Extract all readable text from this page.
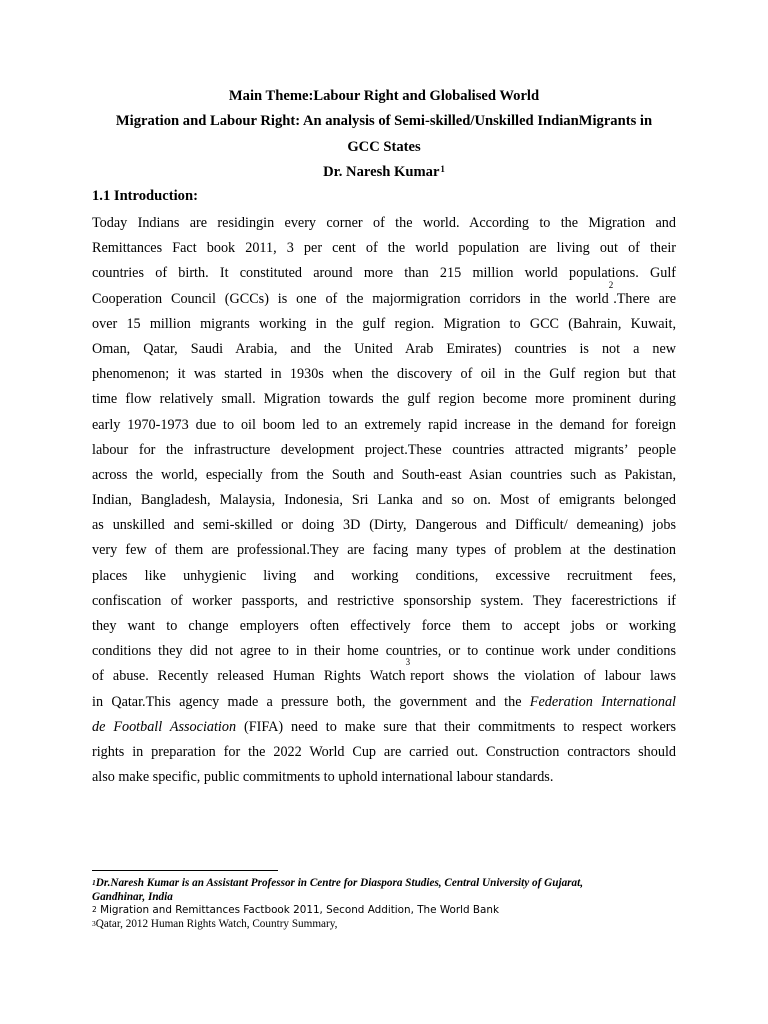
Main Theme:Labour Right and Globalised World
Migration and Labour Right: An analysis of Semi-skilled/Unskilled IndianMigrants in
GCC States
Dr. Naresh Kumar$^1$
1.1 Introduction:
Today Indians are residingin every corner of the world. According to the Migration and
Remittances Fact book 2011, 3 per cent of the world population are living out of their
countries of birth. It constituted around more than 215 million world populations. Gulf
Cooperation Council (GCCs) is one of the majormigration corridors in the world$^2$.There are
over 15 million migrants working in the gulf region. Migration to GCC (Bahrain, Kuwait,
Oman, Qatar, Saudi Arabia, and the United Arab Emirates) countries is not a new
phenomenon; it was started in 1930s when the discovery of oil in the Gulf region but that
time flow relatively small. Migration towards the gulf region become more prominent during
early 1970-1973 due to oil boom led to an extremely rapid increase in the demand for foreign
labour for the infrastructure development project.These countries attracted migrants’ people
across the world, especially from the South and South-east Asian countries such as Pakistan,
Indian, Bangladesh, Malaysia, Indonesia, Sri Lanka and so on. Most of emigrants belonged
as unskilled and semi-skilled or doing 3D (Dirty, Dangerous and Difficult/ demeaning) jobs
very few of them are professional.They are facing many types of problem at the destination
places like unhygienic living and working conditions, excessive recruitment fees,
confiscation of worker passports, and restrictive sponsorship system. They facerestrictions if
they want to change employers often effectively force them to accept jobs or working
conditions they did not agree to in their home countries, or to continue work under conditions
of abuse. Recently released Human Rights Watch$^3$report shows the violation of labour laws
in Qatar.This agency made a pressure both, the government and the Federation International
de Football Association (FIFA) need to make sure that their commitments to respect workers
rights in preparation for the 2022 World Cup are carried out. Construction contractors should
also make specific, public commitments to uphold international labour standards.

$^1$Dr.Naresh Kumar is an Assistant Professor in Centre for Diaspora Studies, Central University of Gujarat,
Gandhinar, India

$^2$ Migration and Remittances Factbook 2011, Second Addition, The World Bank

$^3$Qatar, 2012 Human Rights Watch, Country Summary,
